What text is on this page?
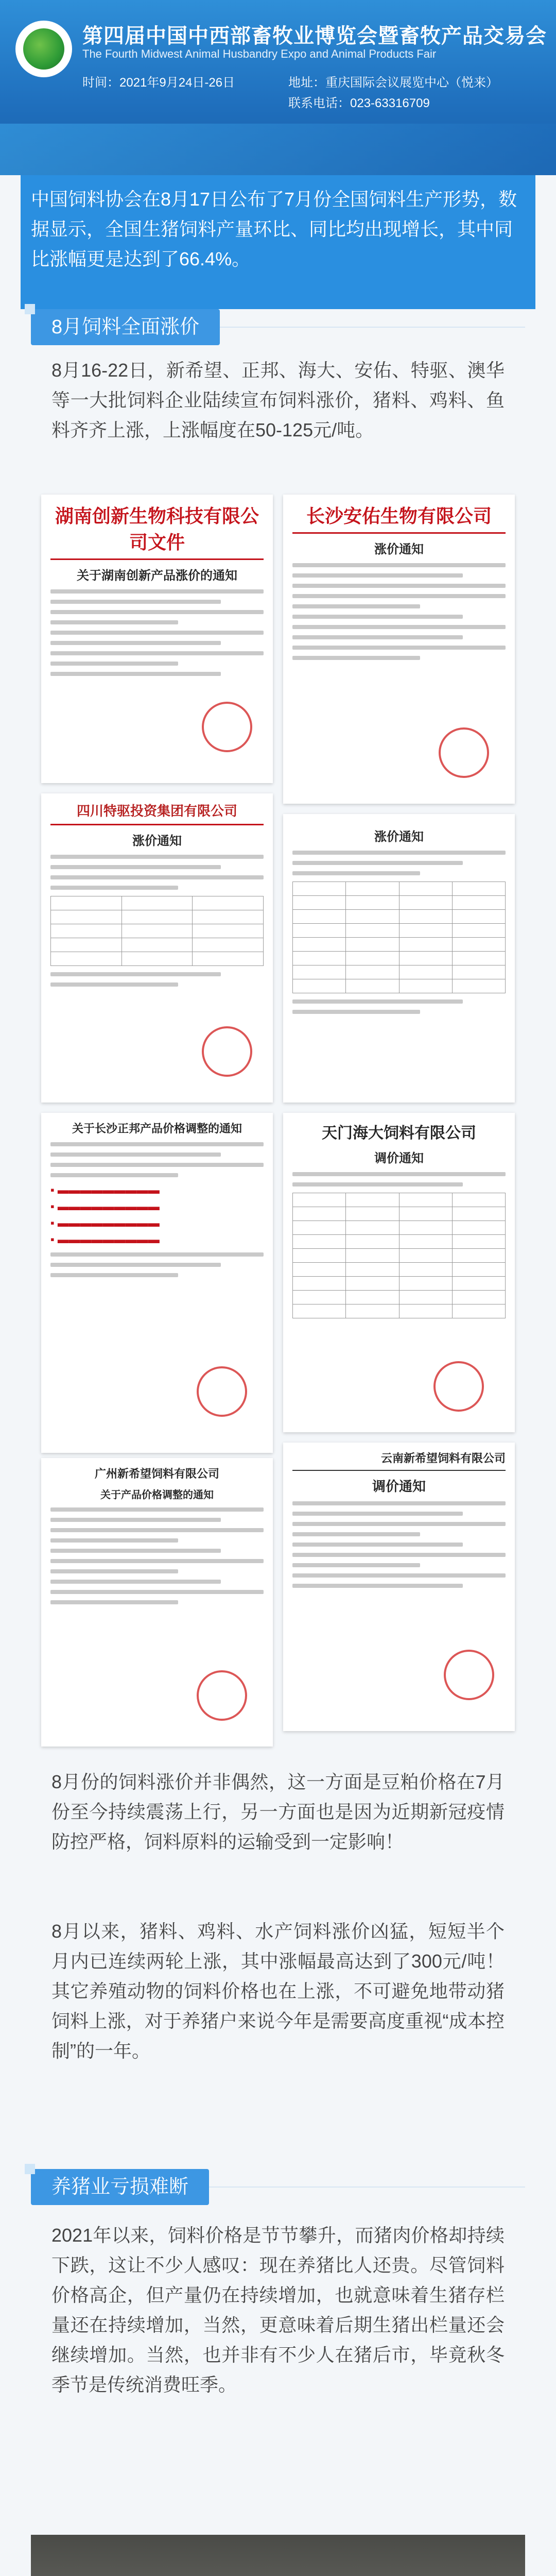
第四届中国中西部畜牧业博览会暨畜牧产品交易会
The Fourth Midwest Animal Husbandry Expo and Animal Products Fair
时间：2021年9月24日-26日	地址：重庆国际会议展览中心（悦来）
联系电话：023-63316709

中国饲料协会在8月17日公布了7月份全国饲料生产形势，数据显示，全国生猪饲料产量环比、同比均出现增长，其中同比涨幅更是达到了66.4%。

8月饲料全面涨价

8月16-22日，新希望、正邦、海大、安佑、特驱、澳华等一大批饲料企业陆续宣布饲料涨价，猪料、鸡料、鱼料齐齐上涨，上涨幅度在50-125元/吨。

湖南创新生物科技有限公司文件
关于湖南创新产品涨价的通知
长沙安佑生物有限公司
涨价通知
四川特驱投资集团有限公司
涨价通知	涨价通知
关于长沙正邦产品价格调整的通知
▪ ▬▬▬▬▬▬▬▬▬
▪ ▬▬▬▬▬▬▬▬▬
▪ ▬▬▬▬▬▬▬▬▬
▪ ▬▬▬▬▬▬▬▬▬
天门海大饲料有限公司
调价通知
广州新希望饲料有限公司
关于产品价格调整的通知
云南新希望饲料有限公司
调价通知

8月份的饲料涨价并非偶然，这一方面是豆粕价格在7月份至今持续震荡上行，另一方面也是因为近期新冠疫情防控严格，饲料原料的运输受到一定影响！

8月以来，猪料、鸡料、水产饲料涨价凶猛，短短半个月内已连续两轮上涨，其中涨幅最高达到了300元/吨！其它养殖动物的饲料价格也在上涨，不可避免地带动猪饲料上涨，对于养猪户来说今年是需要高度重视“成本控制”的一年。

养猪业亏损难断

2021年以来，饲料价格是节节攀升，而猪肉价格却持续下跌，这让不少人感叹：现在养猪比人还贵。尽管饲料价格高企，但产量仍在持续增加，也就意味着生猪存栏量还在持续增加，当然，更意味着后期生猪出栏量还会继续增加。当然，也并非有不少人在猪后市，毕竟秋冬季节是传统消费旺季。
